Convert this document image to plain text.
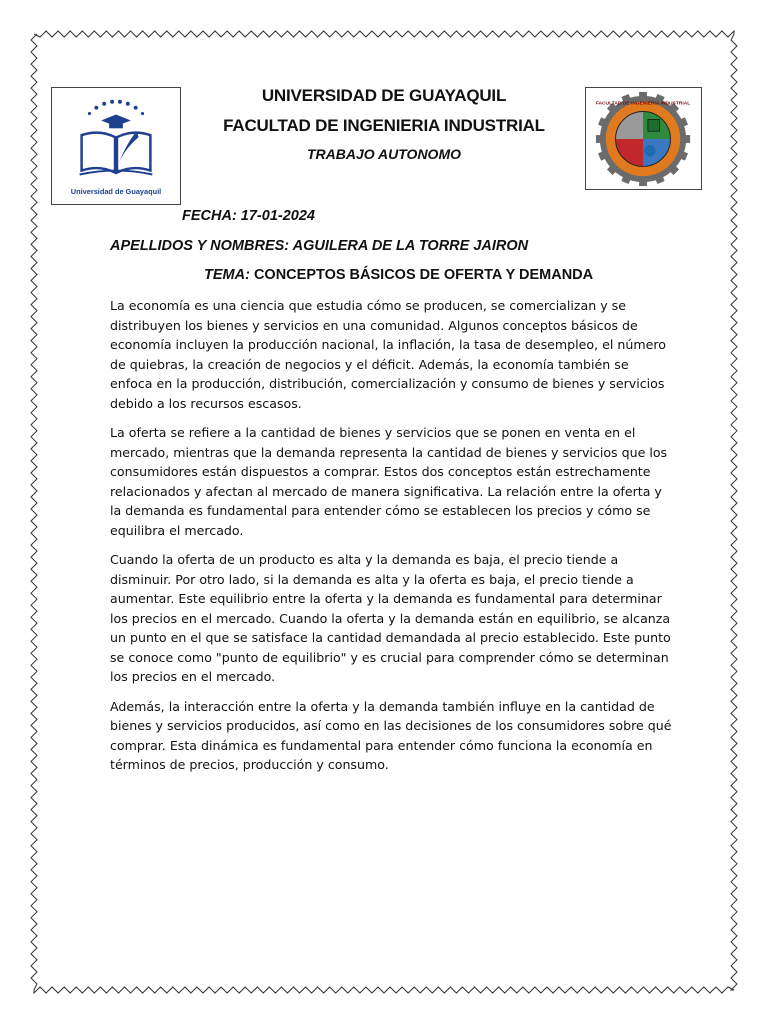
Universidad de Guayaquil
FACULTAD DE INGENIERIA INDUSTRIAL
UNIVERSIDAD DE GUAYAQUIL
FACULTAD DE INGENIERIA INDUSTRIAL
TRABAJO AUTONOMO
FECHA: 17-01-2024
APELLIDOS Y NOMBRES: AGUILERA DE LA TORRE JAIRON
TEMA: CONCEPTOS BÁSICOS DE OFERTA Y DEMANDA

La economía es una ciencia que estudia cómo se producen, se comercializan y se distribuyen los bienes y servicios en una comunidad. Algunos conceptos básicos de economía incluyen la producción nacional, la inflación, la tasa de desempleo, el número de quiebras, la creación de negocios y el déficit. Además, la economía también se enfoca en la producción, distribución, comercialización y consumo de bienes y servicios debido a los recursos escasos.

La oferta se refiere a la cantidad de bienes y servicios que se ponen en venta en el mercado, mientras que la demanda representa la cantidad de bienes y servicios que los consumidores están dispuestos a comprar. Estos dos conceptos están estrechamente relacionados y afectan al mercado de manera significativa. La relación entre la oferta y la demanda es fundamental para entender cómo se establecen los precios y cómo se equilibra el mercado.

Cuando la oferta de un producto es alta y la demanda es baja, el precio tiende a disminuir. Por otro lado, si la demanda es alta y la oferta es baja, el precio tiende a aumentar. Este equilibrio entre la oferta y la demanda es fundamental para determinar los precios en el mercado. Cuando la oferta y la demanda están en equilibrio, se alcanza un punto en el que se satisface la cantidad demandada al precio establecido. Este punto se conoce como "punto de equilibrio" y es crucial para comprender cómo se determinan los precios en el mercado.

Además, la interacción entre la oferta y la demanda también influye en la cantidad de bienes y servicios producidos, así como en las decisiones de los consumidores sobre qué comprar. Esta dinámica es fundamental para entender cómo funciona la economía en términos de precios, producción y consumo.
